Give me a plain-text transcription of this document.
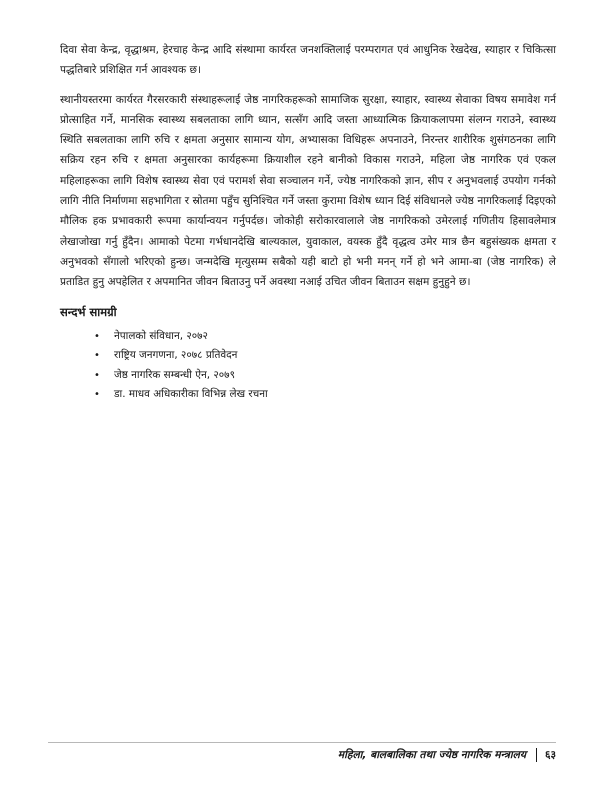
दिवा सेवा केन्द्र, वृद्धाश्रम, हेरचाह केन्द्र आदि संस्थामा कार्यरत जनशक्तिलाई परम्परागत एवं आधुनिक रेखदेख, स्याहार र चिकित्सा पद्धतिबारे प्रशिक्षित गर्न आवश्यक छ।

स्थानीयस्तरमा कार्यरत गैरसरकारी संस्थाहरूलाई जेष्ठ नागरिकहरूको सामाजिक सुरक्षा, स्याहार, स्वास्थ्य सेवाका विषय समावेश गर्न प्रोत्साहित गर्ने, मानसिक स्वास्थ्य सबलताका लागि ध्यान, सत्सँग आदि जस्ता आध्यात्मिक क्रियाकलापमा संलग्न गराउने, स्वास्थ्य स्थिति सबलताका लागि रुचि र क्षमता अनुसार सामान्य योग, अभ्यासका विधिहरू अपनाउने, निरन्तर शारीरिक शुसंगठनका लागि सक्रिय रहन रुचि र क्षमता अनुसारका कार्यहरूमा क्रियाशील रहने बानीको विकास गराउने, महिला जेष्ठ नागरिक एवं एकल महिलाहरूका लागि विशेष स्वास्थ्य सेवा एवं परामर्श सेवा सञ्चालन गर्ने, ज्येष्ठ नागरिकको ज्ञान, सीप र अनुभवलाई उपयोग गर्नको लागि नीति निर्माणमा सहभागिता र स्रोतमा पहुँच सुनिश्चित गर्ने जस्ता कुरामा विशेष ध्यान दिई संविधानले ज्येष्ठ नागरिकलाई दिइएको मौलिक हक प्रभावकारी रूपमा कार्यान्वयन गर्नुपर्दछ। जोकोही सरोकारवालाले जेष्ठ नागरिकको उमेरलाई गणितीय हिसावलेमात्र लेखाजोखा गर्नु हुँदैन। आमाको पेटमा गर्भधानदेखि बाल्यकाल, युवाकाल, वयस्क हुँदै वृद्धत्व उमेर मात्र छैन बहुसंख्यक क्षमता र अनुभवको सँगालो भरिएको हुन्छ। जन्मदेखि मृत्युसम्म सबैको यही बाटो हो भनी मनन् गर्ने हो भने आमा-बा (जेष्ठ नागरिक) ले प्रताडित हुनु अपहेलित र अपमानित जीवन बिताउनु पर्ने अवस्था नआई उचित जीवन बिताउन सक्षम हुनुहुने छ।

सन्दर्भ सामग्री
• नेपालको संविधान, २०७२
• राष्ट्रिय जनगणना, २०७८ प्रतिवेदन
• जेष्ठ नागरिक सम्बन्धी ऐन, २०७९
• डा. माधव अधिकारीका विभिन्न लेख रचना
महिला, बालबालिका तथा ज्येष्ठ नागरिक मन्त्रालय ६३
